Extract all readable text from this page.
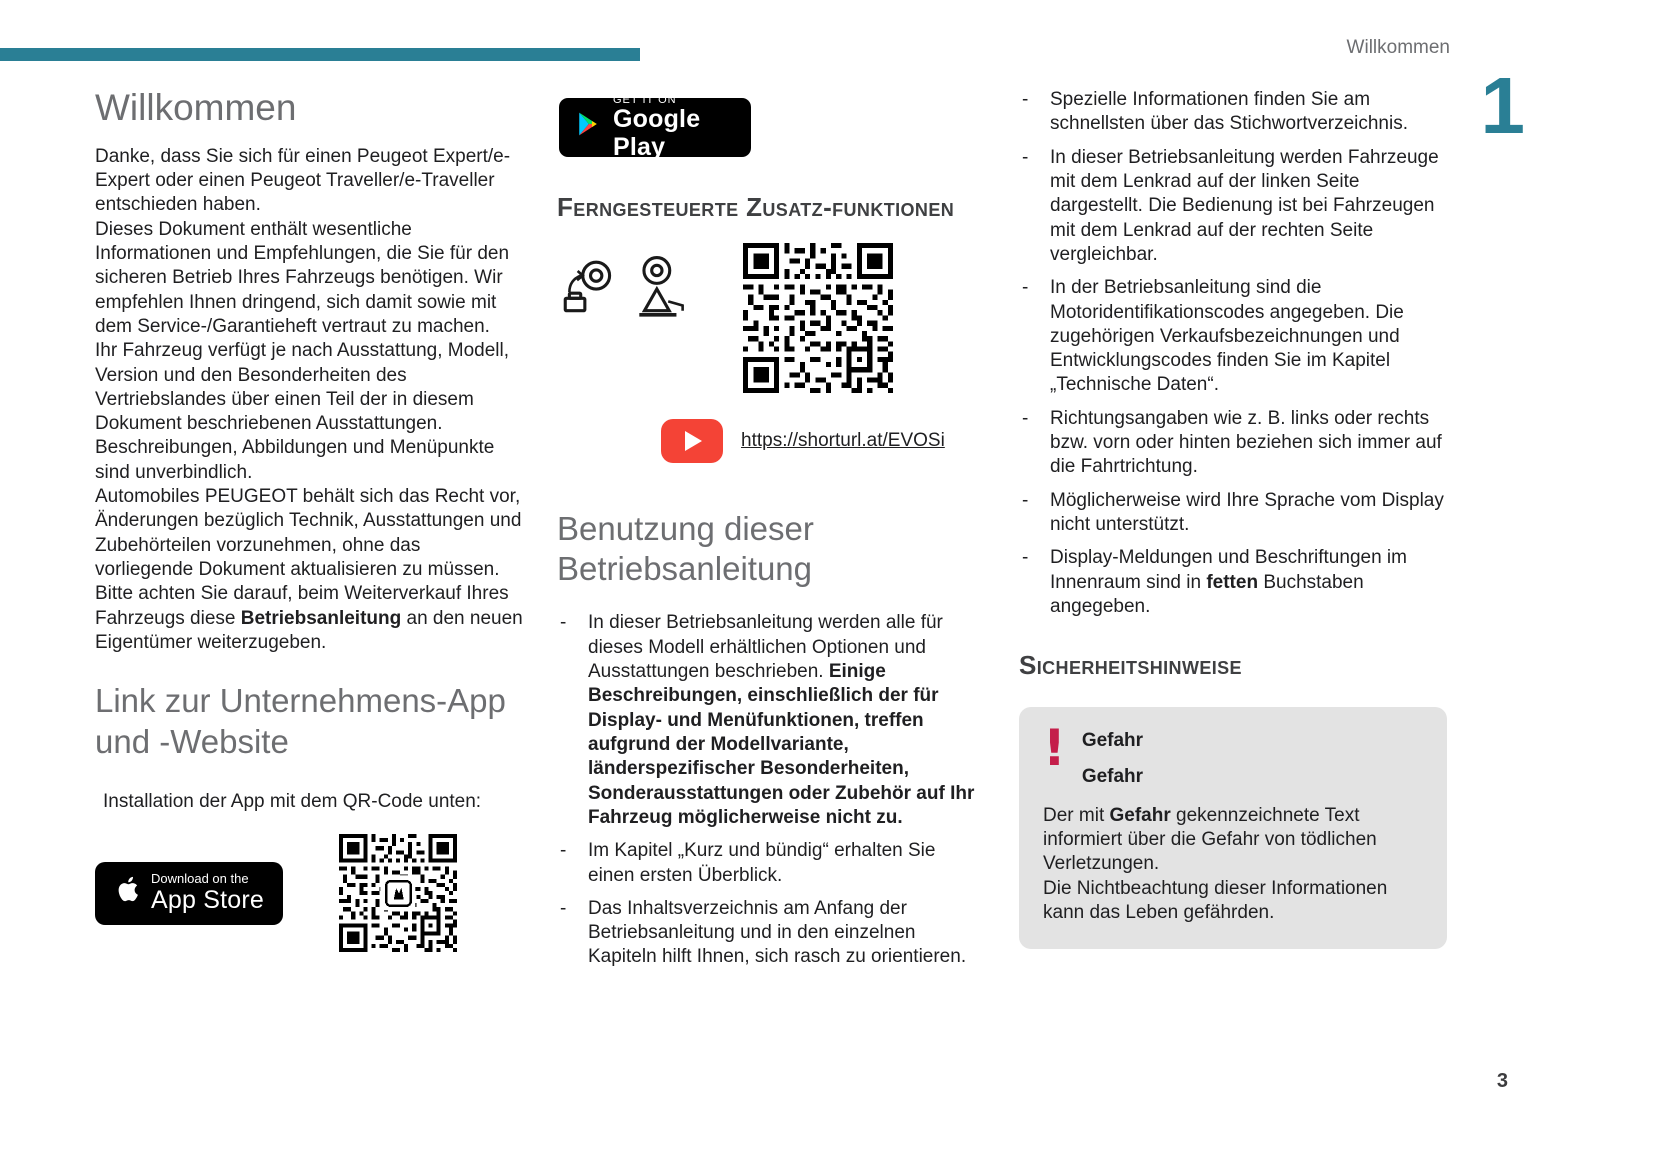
Willkommen
1
3
Willkommen

Danke, dass Sie sich für einen Peugeot Expert/e-Expert oder einen Peugeot Traveller/e-Traveller entschieden haben.

Dieses Dokument enthält wesentliche Informationen und Empfehlungen, die Sie für den sicheren Betrieb Ihres Fahrzeugs benötigen. Wir empfehlen Ihnen dringend, sich damit sowie mit dem Service-/Garantieheft vertraut zu machen.

Ihr Fahrzeug verfügt je nach Ausstattung, Modell, Version und den Besonderheiten des Vertriebslandes über einen Teil der in diesem Dokument beschriebenen Ausstattungen. Beschreibungen, Abbildungen und Menüpunkte sind unverbindlich.

Automobiles PEUGEOT behält sich das Recht vor, Änderungen bezüglich Technik, Ausstattungen und Zubehörteilen vorzunehmen, ohne das vorliegende Dokument aktualisieren zu müssen.

Bitte achten Sie darauf, beim Weiterverkauf Ihres Fahrzeugs diese Betriebsanleitung an den neuen Eigentümer weiterzugeben.

Link zur Unternehmens-App und -Website

Installation der App mit dem QR-Code unten:

Download on the
App Store
GET IT ON
Google Play
Ferngesteuerte Zusatz-funktionen
https://shorturl.at/EVOSi
Benutzung dieser Betriebsanleitung
- In dieser Betriebsanleitung werden alle für dieses Modell erhältlichen Optionen und Ausstattungen beschrieben. Einige Beschreibungen, einschließlich der für Display- und Menüfunktionen, treffen aufgrund der Modellvariante, länderspezifischer Besonderheiten, Sonderausstattungen oder Zubehör auf Ihr Fahrzeug möglicherweise nicht zu.
- Im Kapitel „Kurz und bündig“ erhalten Sie einen ersten Überblick.
- Das Inhaltsverzeichnis am Anfang der Betriebsanleitung und in den einzelnen Kapiteln hilft Ihnen, sich rasch zu orientieren.
- Spezielle Informationen finden Sie am schnellsten über das Stichwortverzeichnis.
- In dieser Betriebsanleitung werden Fahrzeuge mit dem Lenkrad auf der linken Seite dargestellt. Die Bedienung ist bei Fahrzeugen mit dem Lenkrad auf der rechten Seite vergleichbar.
- In der Betriebsanleitung sind die Motoridentifikationscodes angegeben. Die zugehörigen Verkaufsbezeichnungen und Entwicklungscodes finden Sie im Kapitel „Technische Daten“.
- Richtungsangaben wie z. B. links oder rechts bzw. vorn oder hinten beziehen sich immer auf die Fahrtrichtung.
- Möglicherweise wird Ihre Sprache vom Display nicht unterstützt.
- Display-Meldungen und Beschriftungen im Innenraum sind in fetten Buchstaben angegeben.
Sicherheitshinweise
! Gefahr
Gefahr

Der mit Gefahr gekennzeichnete Text informiert über die Gefahr von tödlichen Verletzungen.

Die Nichtbeachtung dieser Informationen kann das Leben gefährden.
